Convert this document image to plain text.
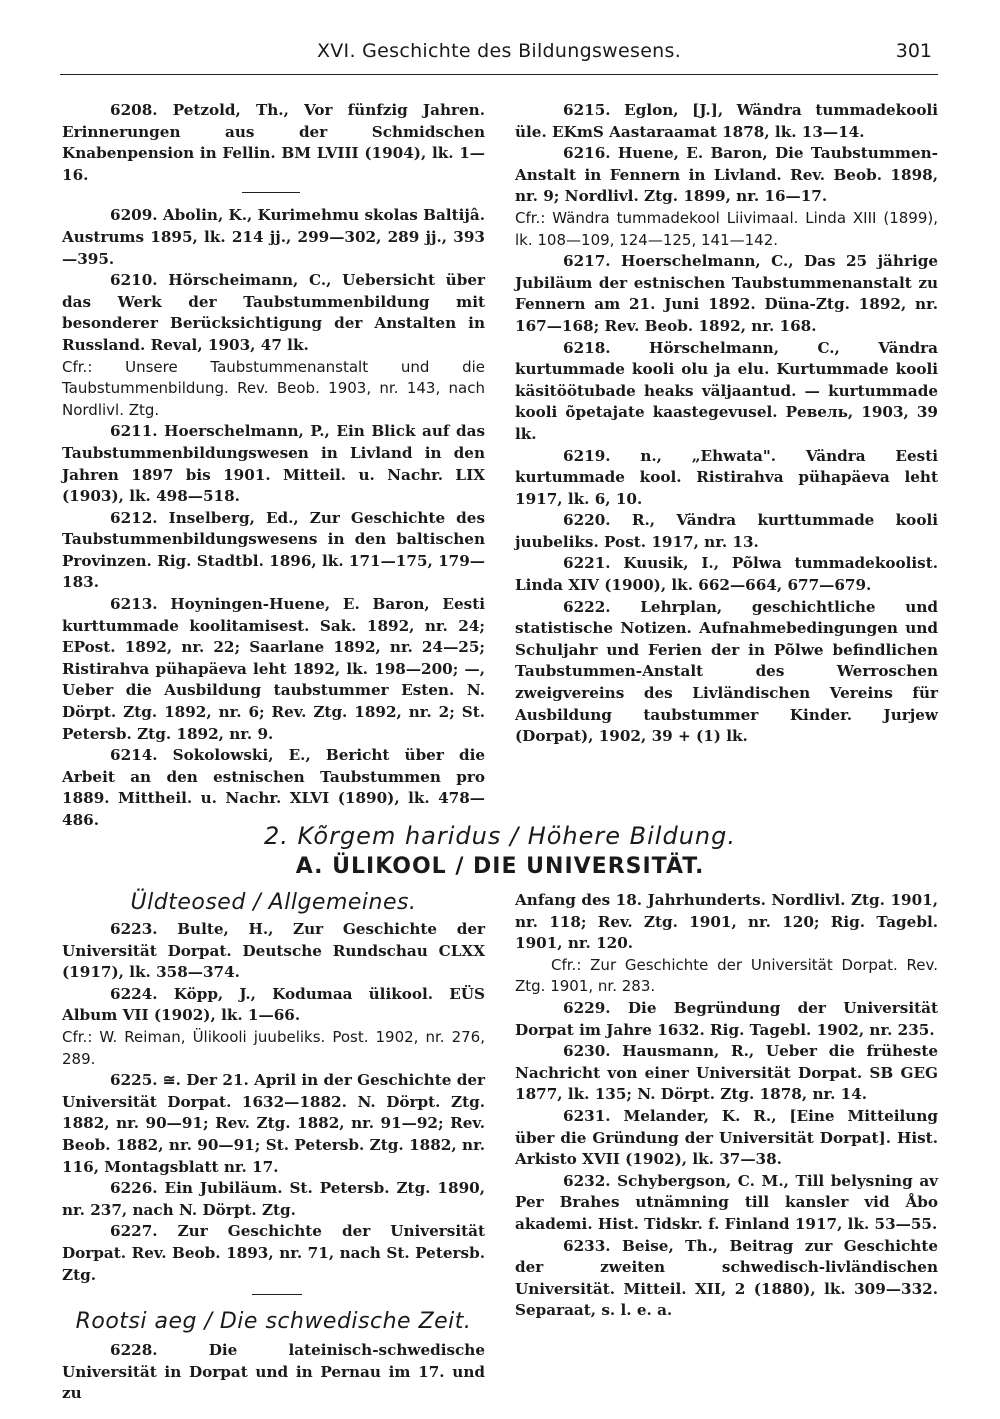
XVI. Geschichte des Bildungswesens.	301

6208. Petzold, Th., Vor fünfzig Jahren. Erinnerungen aus der Schmidschen Knabenpension in Fellin. BM LVIII (1904), lk. 1—16.

6209. Abolin, K., Kurimehmu skolas Baltijâ. Austrums 1895, lk. 214 jj., 299—302, 289 jj., 393—395.

6210. Hörscheimann, C., Uebersicht über das Werk der Taubstummenbildung mit besonderer Berücksichtigung der Anstalten in Russland. Reval, 1903, 47 lk.

Cfr.: Unsere Taubstummenanstalt und die Taubstummenbildung. Rev. Beob. 1903, nr. 143, nach Nordlivl. Ztg.

6211. Hoerschelmann, P., Ein Blick auf das Taubstummenbildungswesen in Livland in den Jahren 1897 bis 1901. Mitteil. u. Nachr. LIX (1903), lk. 498—518.

6212. Inselberg, Ed., Zur Geschichte des Taubstummenbildungswesens in den baltischen Provinzen. Rig. Stadtbl. 1896, lk. 171—175, 179—183.

6213. Hoyningen-Huene, E. Baron, Eesti kurttummade koolitamisest. Sak. 1892, nr. 24; EPost. 1892, nr. 22; Saarlane 1892, nr. 24—25; Ristirahva pühapäeva leht 1892, lk. 198—200; —, Ueber die Ausbildung taubstummer Esten. N. Dörpt. Ztg. 1892, nr. 6; Rev. Ztg. 1892, nr. 2; St. Petersb. Ztg. 1892, nr. 9.

6214. Sokolowski, E., Bericht über die Arbeit an den estnischen Taubstummen pro 1889. Mittheil. u. Nachr. XLVI (1890), lk. 478—486.

6215. Eglon, [J.], Wändra tummadekooli üle. EKmS Aastaraamat 1878, lk. 13—14.

6216. Huene, E. Baron, Die Taubstummen-Anstalt in Fennern in Livland. Rev. Beob. 1898, nr. 9; Nordlivl. Ztg. 1899, nr. 16—17.

Cfr.: Wändra tummadekool Liivimaal. Linda XIII (1899), lk. 108—109, 124—125, 141—142.

6217. Hoerschelmann, C., Das 25 jährige Jubiläum der estnischen Taubstummenanstalt zu Fennern am 21. Juni 1892. Düna-Ztg. 1892, nr. 167—168; Rev. Beob. 1892, nr. 168.

6218. Hörschelmann, C., Vändra kurtummade kooli olu ja elu. Kurtummade kooli käsitöötubade heaks väljaantud. — kurtummade kooli õpetajate kaastegevusel. Ревель, 1903, 39 lk.

6219. n., „Ehwata". Vändra Eesti kurtummade kool. Ristirahva pühapäeva leht 1917, lk. 6, 10.

6220. R., Vändra kurttummade kooli juubeliks. Post. 1917, nr. 13.

6221. Kuusik, I., Põlwa tummadekoolist. Linda XIV (1900), lk. 662—664, 677—679.

6222. Lehrplan, geschichtliche und statistische Notizen. Aufnahmebedingungen und Schuljahr und Ferien der in Põlwe befindlichen Taubstummen-Anstalt des Werroschen zweigvereins des Livländischen Vereins für Ausbildung taubstummer Kinder. Jurjew (Dorpat), 1902, 39 + (1) lk.

2. Kõrgem haridus / Höhere Bildung.
A. ÜLIKOOL / DIE UNIVERSITÄT.
Üldteosed / Allgemeines.

6223. Bulte, H., Zur Geschichte der Universität Dorpat. Deutsche Rundschau CLXX (1917), lk. 358—374.

6224. Köpp, J., Kodumaa ülikool. EÜS Album VII (1902), lk. 1—66.

Cfr.: W. Reiman, Ülikooli juubeliks. Post. 1902, nr. 276, 289.

6225. ≅. Der 21. April in der Geschichte der Universität Dorpat. 1632—1882. N. Dörpt. Ztg. 1882, nr. 90—91; Rev. Ztg. 1882, nr. 91—92; Rev. Beob. 1882, nr. 90—91; St. Petersb. Ztg. 1882, nr. 116, Montagsblatt nr. 17.

6226. Ein Jubiläum. St. Petersb. Ztg. 1890, nr. 237, nach N. Dörpt. Ztg.

6227. Zur Geschichte der Universität Dorpat. Rev. Beob. 1893, nr. 71, nach St. Petersb. Ztg.

Rootsi aeg / Die schwedische Zeit.

6228. Die lateinisch-schwedische Universität in Dorpat und in Pernau im 17. und zu

Anfang des 18. Jahrhunderts. Nordlivl. Ztg. 1901, nr. 118; Rev. Ztg. 1901, nr. 120; Rig. Tagebl. 1901, nr. 120.

Cfr.: Zur Geschichte der Universität Dorpat. Rev. Ztg. 1901, nr. 283.

6229. Die Begründung der Universität Dorpat im Jahre 1632. Rig. Tagebl. 1902, nr. 235.

6230. Hausmann, R., Ueber die früheste Nachricht von einer Universität Dorpat. SB GEG 1877, lk. 135; N. Dörpt. Ztg. 1878, nr. 14.

6231. Melander, K. R., [Eine Mitteilung über die Gründung der Universität Dorpat]. Hist. Arkisto XVII (1902), lk. 37—38.

6232. Schybergson, C. M., Till belysning av Per Brahes utnämning till kansler vid Åbo akademi. Hist. Tidskr. f. Finland 1917, lk. 53—55.

6233. Beise, Th., Beitrag zur Geschichte der zweiten schwedisch-livländischen Universität. Mitteil. XII, 2 (1880), lk. 309—332. Separaat, s. l. e. a.
